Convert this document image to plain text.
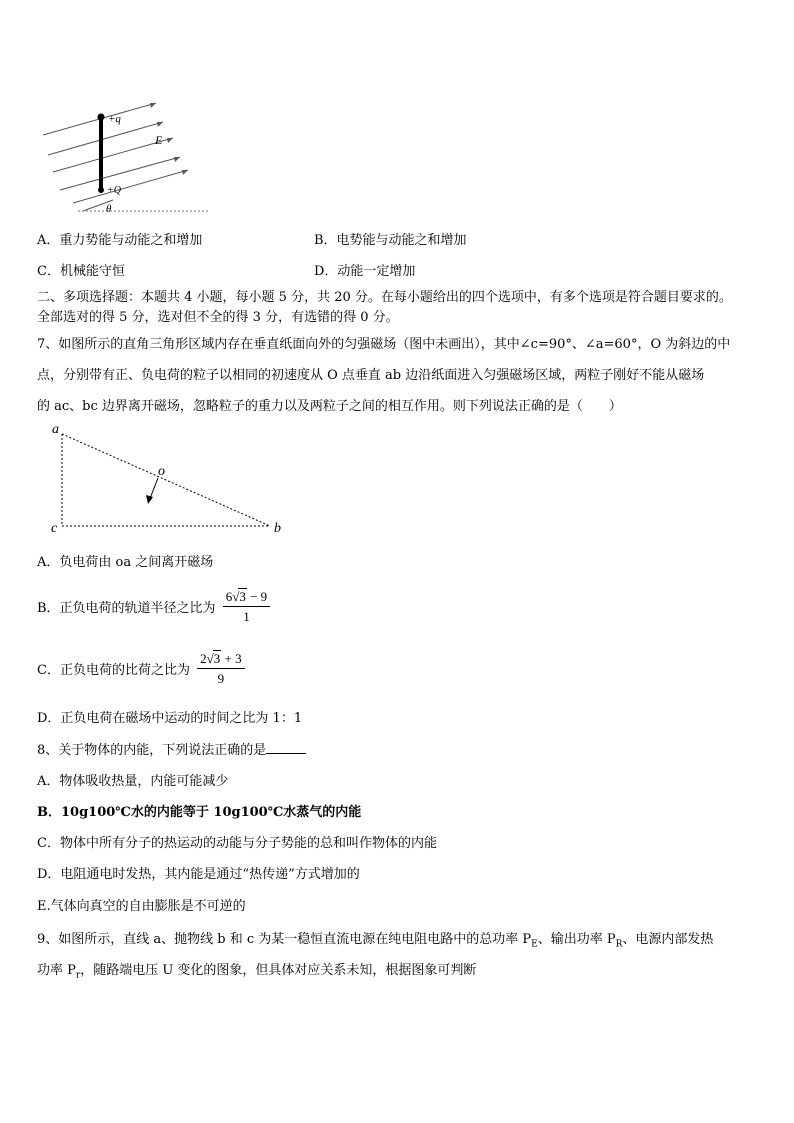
+q
+Q
E
θ
A．重力势能与动能之和增加	B．电势能与动能之和增加
C．机械能守恒	D．动能一定增加
二、多项选择题：本题共 4 小题，每小题 5 分，共 20 分。在每小题给出的四个选项中，有多个选项是符合题目要求的。
全部选对的得 5 分，选对但不全的得 3 分，有选错的得 0 分。
7、如图所示的直角三角形区域内存在垂直纸面向外的匀强磁场（图中未画出），其中∠c=90°、∠a=60°，O 为斜边的中
点，分别带有正、负电荷的粒子以相同的初速度从 O 点垂直 ab 边沿纸面进入匀强磁场区域，两粒子刚好不能从磁场
的 ac、bc 边界离开磁场，忽略粒子的重力以及两粒子之间的相互作用。则下列说法正确的是（　　）
a
c	b
o
A．负电荷由 oa 之间离开磁场
B．正负电荷的轨道半径之比为 $\frac{6√3 - 9}{1}$
C．正负电荷的比荷之比为 $\frac{2√3 + 3}{9}$
D．正负电荷在磁场中运动的时间之比为 1：1
8、关于物体的内能，下列说法正确的是
A．物体吸收热量，内能可能减少
B．10g100℃水的内能等于 10g100℃水蒸气的内能
C．物体中所有分子的热运动的动能与分子势能的总和叫作物体的内能
D．电阻通电时发热，其内能是通过“热传递”方式增加的
E.气体向真空的自由膨胀是不可逆的
9、如图所示，直线 a、抛物线 b 和 c 为某一稳恒直流电源在纯电阻电路中的总功率 $P_E$、输出功率 $P_R$、电源内部发热
功率 $P_r$，随路端电压 U 变化的图象，但具体对应关系未知，根据图象可判断
